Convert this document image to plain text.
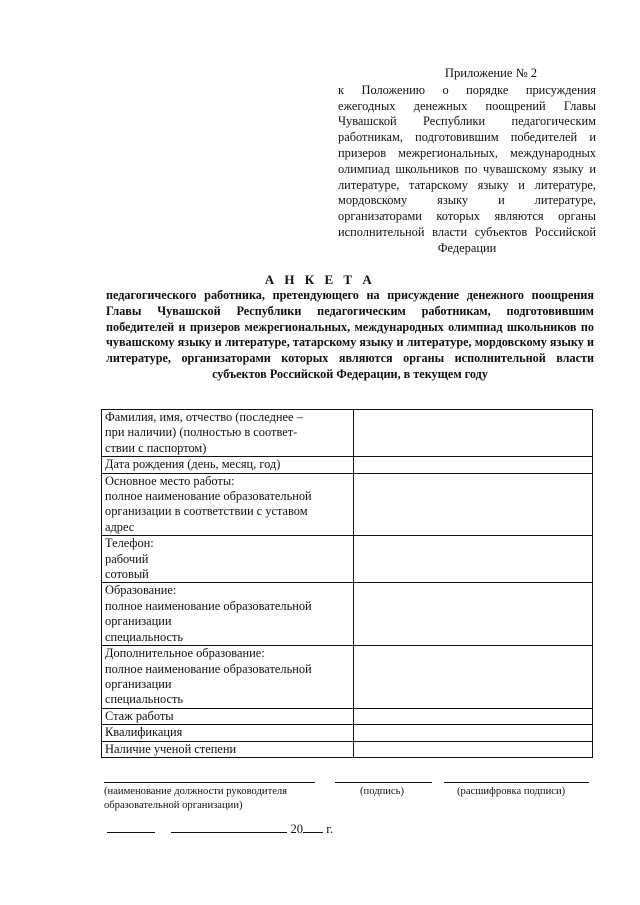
Приложение № 2
к Положению о порядке присуждения ежегодных денежных поощрений Главы Чувашской Республики педагогическим работникам, подготовившим победителей и призеров межрегиональных, международных олимпиад школьников по чувашскому языку и литературе, татарскому языку и литературе, мордовскому языку и литературе, организаторами которых являются органы исполнительной власти субъектов Российской Федерации
А Н К Е Т А
педагогического работника, претендующего на присуждение денежного поощрения Главы Чувашской Республики педагогическим работникам, подготовившим победителей и призеров межрегиональных, международных олимпиад школьников по чувашскому языку и литературе, татарскому языку и литературе, мордовскому языку и литературе, организаторами которых являются органы исполнительной власти субъектов Российской Федерации, в текущем году
Фамилия, имя, отчество (последнее –
при наличии) (полностью в соответ-
ствии с паспортом)	

Дата рождения (день, месяц, год)	

Основное место работы:
полное наименование образовательной
организации в соответствии с уставом
адрес	

Телефон:
рабочий
сотовый	

Образование:
полное наименование образовательной
организации
специальность	

Дополнительное образование:
полное наименование образовательной
организации
специальность	

Стаж работы	

Квалификация	

Наличие ученой степени	

(наименование должности руководителя
образовательной организации)
(подпись)	(расшифровка подписи)
20 г.
